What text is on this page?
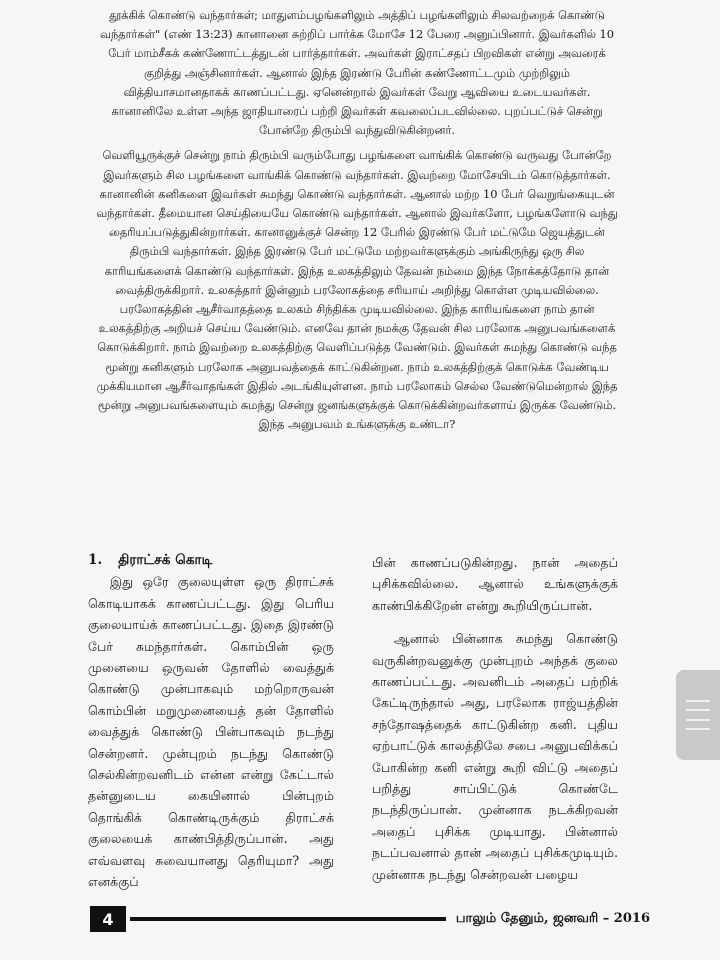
தூக்கிக் கொண்டு வந்தார்கள்; மாதுளம்பழங்களிலும் அத்திப் பழங்களிலும் சிலவற்றைக் கொண்டு வந்தார்கள்" (எண் 13:23) கானானை சுற்றிப் பார்க்க மோசே 12 பேரை அனுப்பினார். இவர்களில் 10 பேர் மாம்சீகக் கண்ணோட்டத்துடன் பார்த்தார்கள். அவர்கள் இராட்சதப் பிறவிகள் என்று அவரைக் குறித்து அஞ்சினார்கள். ஆனால் இந்த இரண்டு பேரின் கண்ணோட்டமும் முற்றிலும் வித்தியாசமானதாகக் காணப்பட்டது. ஏனென்றால் இவர்கள் வேறு ஆவியை உடையவர்கள். கானானிலே உள்ள அந்த ஜாதியாரைப் பற்றி இவர்கள் கவலைப்படவில்லை. புறப்பட்டுச் சென்று போன்றே திரும்பி வந்துவிடுகின்றனர்.

வெளியூருக்குச் சென்று நாம் திரும்பி வரும்போது பழங்களை வாங்கிக் கொண்டு வருவது போன்றே இவர்களும் சில பழங்களை வாங்கிக் கொண்டு வந்தார்கள். இவற்றை மோசேயிடம் கொடுத்தார்கள். கானானின் கனிகளை இவர்கள் சுமந்து கொண்டு வந்தார்கள். ஆனால் மற்ற 10 பேர் வெறுங்கையுடன் வந்தார்கள். தீமையான செய்தியையே கொண்டு வந்தார்கள். ஆனால் இவர்களோ, பழங்களோடு வந்து தைரியப்படுத்துகின்றார்கள். கானானுக்குச் சென்ற 12 பேரில் இரண்டு பேர் மட்டுமே ஜெயத்துடன் திரும்பி வந்தார்கள். இந்த இரண்டு பேர் மட்டுமே மற்றவர்களுக்கும் அங்கிருந்து ஒரு சில காரியங்களைக் கொண்டு வந்தார்கள். இந்த உலகத்திலும் தேவன் நம்மை இந்த நோக்கத்தோடு தான் வைத்திருக்கிறார். உலகத்தார் இன்னும் பரலோகத்தை சரியாய் அறிந்து கொள்ள முடியவில்லை. பரலோகத்தின் ஆசீர்வாதத்தை உலகம் சிந்திக்க முடியவில்லை. இந்த காரியங்களை நாம் தான் உலகத்திற்கு அறியச் செய்ய வேண்டும். எனவே தான் நமக்கு தேவன் சில பரலோக அனுபவங்களைக் கொடுக்கிறார். நாம் இவற்றை உலகத்திற்கு வெளிப்படுத்த வேண்டும். இவர்கள் சுமந்து கொண்டு வந்த மூன்று கனிகளும் பரலோக அனுபவத்தைக் காட்டுகின்றன. நாம் உலகத்திற்குக் கொடுக்க வேண்டிய முக்கியமான ஆசீர்வாதங்கள் இதில் அடங்கியுள்ளன. நாம் பரலோகம் செல்ல வேண்டுமென்றால் இந்த மூன்று அனுபவங்களையும் சுமந்து சென்று ஜனங்களுக்குக் கொடுக்கின்றவர்களாய் இருக்க வேண்டும். இந்த அனுபவம் உங்களுக்கு உண்டா?

1. திராட்சக் கொடி

இது ஒரே குலையுள்ள ஒரு திராட்சக் கொடியாகக் காணப்பட்டது. இது பெரிய குலையாய்க் காணப்பட்டது. இதை இரண்டு பேர் சுமந்தார்கள். கொம்பின் ஒரு முனையை ஒருவன் தோளில் வைத்துக் கொண்டு முன்பாகவும் மற்றொருவன் கொம்பின் மறுமுனையைத் தன் தோளில் வைத்துக் கொண்டு பின்பாகவும் நடந்து சென்றனர். முன்புறம் நடந்து கொண்டு செல்கின்றவனிடம் என்ன என்று கேட்டால் தன்னுடைய கையினால் பின்புறம் தொங்கிக் கொண்டிருக்கும் திராட்சக் குலையைக் காண்பித்திருப்பான். அது எவ்வளவு சுவையானது தெரியுமா? அது எனக்குப்

பின் காணப்படுகின்றது. நான் அதைப் புசிக்கவில்லை. ஆனால் உங்களுக்குக் காண்பிக்கிறேன் என்று கூறியிருப்பான்.

ஆனால் பின்னாக சுமந்து கொண்டு வருகின்றவனுக்கு முன்புறம் அந்தக் குலை காணப்பட்டது. அவனிடம் அதைப் பற்றிக் கேட்டிருந்தால் அது, பரலோக ராஜ்யத்தின் சந்தோஷத்தைக் காட்டுகின்ற கனி. புதிய ஏற்பாட்டுக் காலத்திலே சபை அனுபவிக்கப் போகின்ற கனி என்று கூறி விட்டு அதைப் பறித்து சாப்பிட்டுக் கொண்டே நடந்திருப்பான். முன்னாக நடக்கிறவன் அதைப் புசிக்க முடியாது. பின்னால் நடப்பவனால் தான் அதைப் புசிக்கமுடியும். முன்னாக நடந்து சென்றவன் பழைய

4	பாலும் தேனும், ஜனவரி – 2016
